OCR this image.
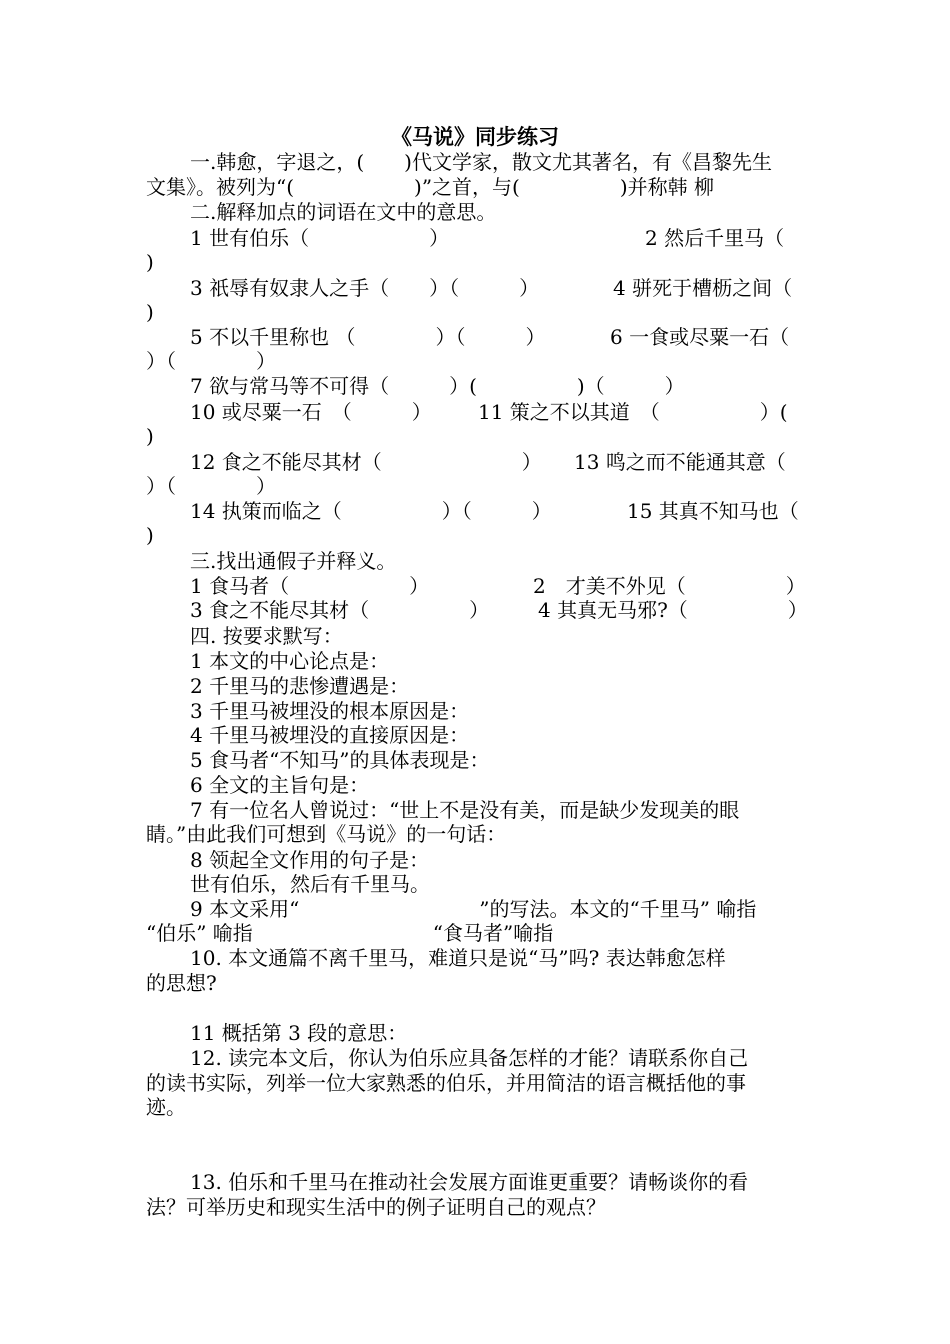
《马说》同步练习
一.韩愈，字退之，(　　)代文学家，散文尤其著名，有《昌黎先生
文集》。被列为“(　　　　　　)”之首，与(　　　　　)并称韩 柳
二.解释加点的词语在文中的意思。
1 世有伯乐（　　　　　　）	2 然后千里马（
)
3 祇辱有奴隶人之手（　　）（　　　）	4 骈死于槽枥之间（
)
5 不以千里称也 （　　　　）（　　　）	6 一食或尽粟一石（
）（　　　　）
7 欲与常马等不可得（　　　）(　　　　　)（　　　）
10 或尽粟一石　（　　　） 11 策之不以其道　（　　　　　）(
)
12 食之不能尽其材（　　　　　　　） 13 鸣之而不能通其意（
）（　　　　）
14 执策而临之（　　　　　）（　　　）	15 其真不知马也（
)
三.找出通假子并释义。
1 食马者（　　　　　　）	2　才美不外见（　　　　　）
3 食之不能尽其材（　　　　　） 4 其真无马邪?（　　　　　）
四. 按要求默写：
1 本文的中心论点是：
2 千里马的悲惨遭遇是：
3 千里马被埋没的根本原因是：
4 千里马被埋没的直接原因是：
5 食马者“不知马”的具体表现是：
6 全文的主旨句是：
7 有一位名人曾说过：“世上不是没有美，而是缺少发现美的眼
睛。”由此我们可想到《马说》的一句话：
8 领起全文作用的句子是：
世有伯乐，然后有千里马。
9 本文采用“　　　　　　　　　”的写法。本文的“千里马” 喻指
“伯乐” 喻指　　　　　　　　　“食马者”喻指
10. 本文通篇不离千里马，难道只是说“马”吗? 表达韩愈怎样
的思想?
11 概括第 3 段的意思：
12. 读完本文后，你认为伯乐应具备怎样的才能？请联系你自己
的读书实际，列举一位大家熟悉的伯乐，并用简洁的语言概括他的事
迹。
13. 伯乐和千里马在推动社会发展方面谁更重要？请畅谈你的看
法？可举历史和现实生活中的例子证明自己的观点？
